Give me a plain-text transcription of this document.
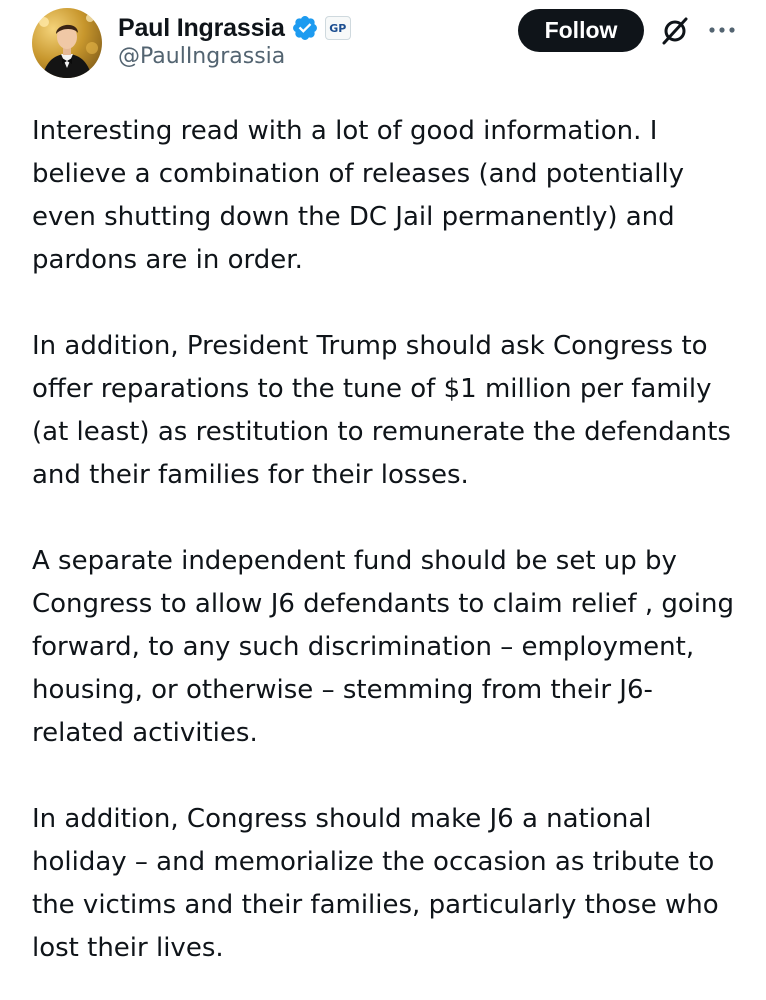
Paul Ingrassia	GP
@PaulIngrassia
Follow

Interesting read with a lot of good information. I believe a combination of releases (and potentially even shutting down the DC Jail permanently) and pardons are in order.

In addition, President Trump should ask Congress to offer reparations to the tune of $1 million per family (at least) as restitution to remunerate the defendants and their families for their losses.

A separate independent fund should be set up by Congress to allow J6 defendants to claim relief , going forward, to any such discrimination – employment, housing, or otherwise – stemming from their J6-related activities.

In addition, Congress should make J6 a national holiday – and memorialize the occasion as tribute to the victims and their families, particularly those who lost their lives.
